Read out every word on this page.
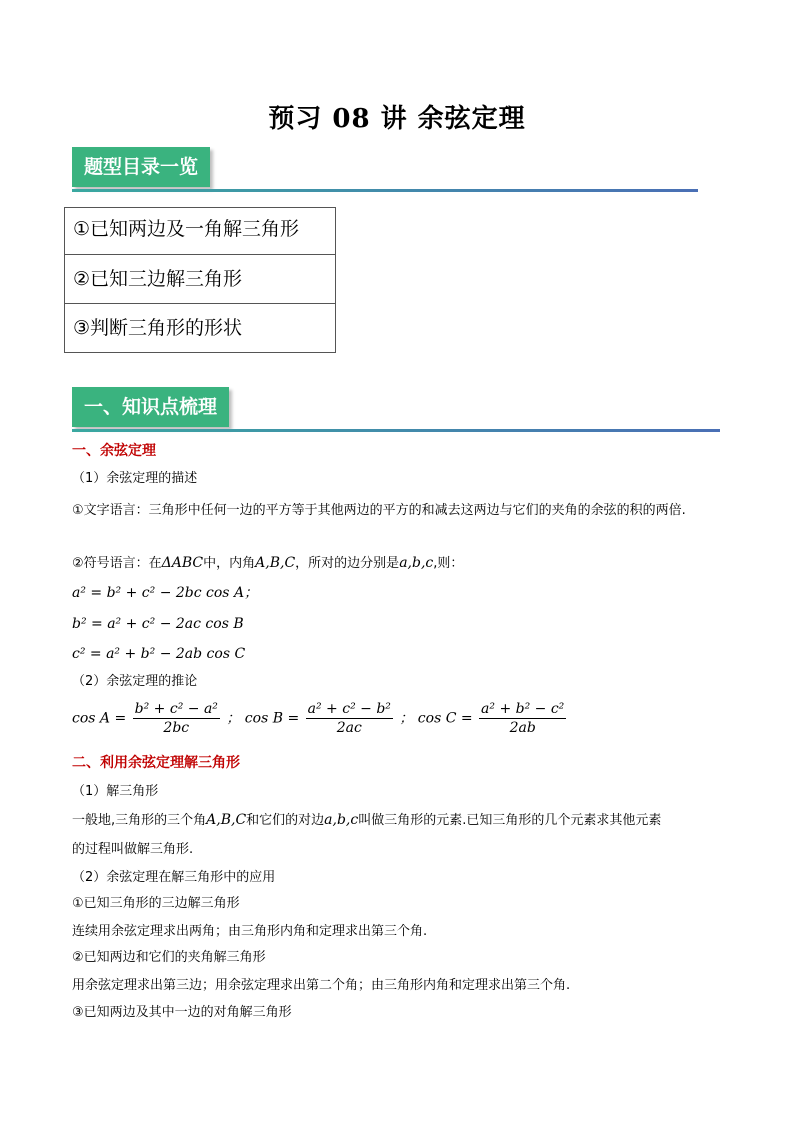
预习 08 讲 余弦定理
题型目录一览
①已知两边及一角解三角形
②已知三边解三角形
③判断三角形的形状
一、知识点梳理
一、余弦定理
（1）余弦定理的描述
①文字语言：三角形中任何一边的平方等于其他两边的平方的和减去这两边与它们的夹角的余弦的积的两倍.
②符号语言：在ΔABC中，内角A,B,C，所对的边分别是a,b,c,则：
a² = b² + c² − 2bc cos A；
b² = a² + c² − 2ac cos B
c² = a² + b² − 2ab cos C
（2）余弦定理的推论
$\cos A = \frac{\text{b² + c² − a²}}{2bc}$ ； $\cos B = \frac{\text{a² + c² − b²}}{2ac}$ ； $\cos C = \frac{\text{a² + b² − c²}}{2ab}$
二、利用余弦定理解三角形
（1）解三角形
一般地,三角形的三个角A,B,C和它们的对边a,b,c叫做三角形的元素.已知三角形的几个元素求其他元素
的过程叫做解三角形.
（2）余弦定理在解三角形中的应用
①已知三角形的三边解三角形
连续用余弦定理求出两角；由三角形内角和定理求出第三个角.
②已知两边和它们的夹角解三角形
用余弦定理求出第三边；用余弦定理求出第二个角；由三角形内角和定理求出第三个角.
③已知两边及其中一边的对角解三角形
